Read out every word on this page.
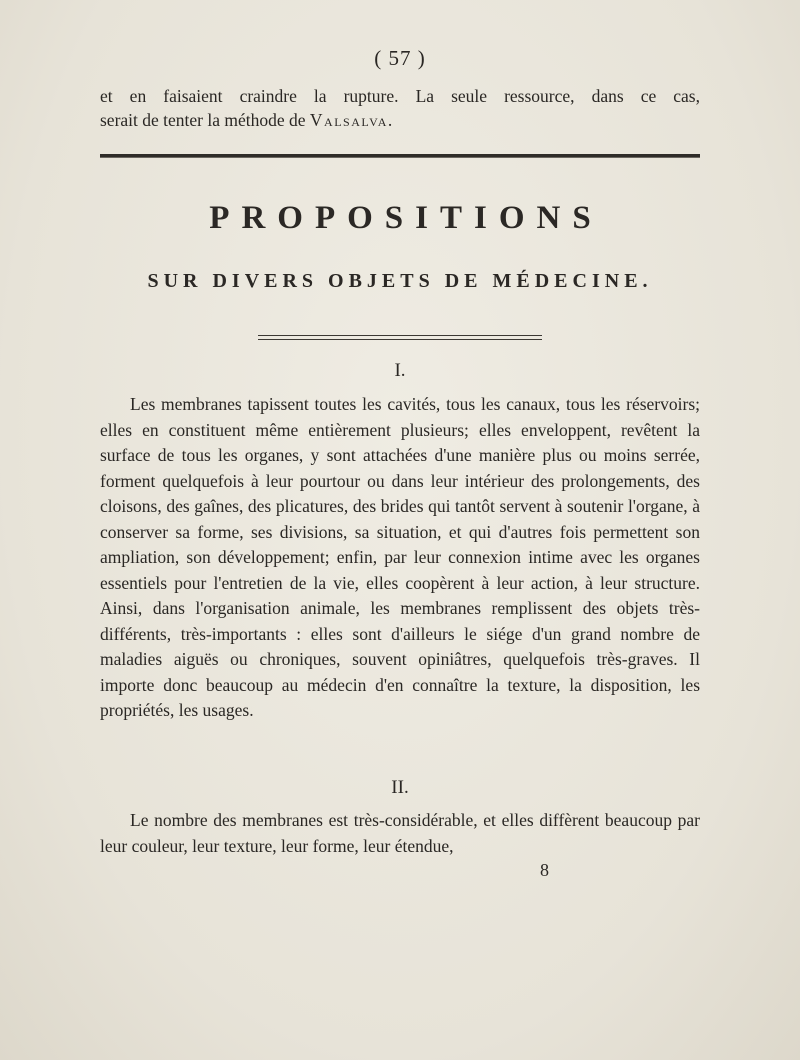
( 57 )

et en faisaient craindre la rupture. La seule ressource, dans ce cas,

serait de tenter la méthode de Valsalva.

PROPOSITIONS
SUR DIVERS OBJETS DE MÉDECINE.
I.

Les membranes tapissent toutes les cavités, tous les canaux, tous les réservoirs; elles en constituent même entièrement plusieurs; elles enveloppent, revêtent la surface de tous les organes, y sont attachées d'une manière plus ou moins serrée, forment quelquefois à leur pourtour ou dans leur intérieur des prolongements, des cloisons, des gaînes, des plicatures, des brides qui tantôt servent à soutenir l'organe, à conserver sa forme, ses divisions, sa situation, et qui d'autres fois permettent son ampliation, son développement; enfin, par leur connexion intime avec les organes essentiels pour l'entretien de la vie, elles coopèrent à leur action, à leur structure. Ainsi, dans l'organisation animale, les membranes remplissent des objets très-différents, très-importants : elles sont d'ailleurs le siége d'un grand nombre de maladies aiguës ou chroniques, souvent opiniâtres, quelquefois très-graves. Il importe donc beaucoup au médecin d'en connaître la texture, la disposition, les propriétés, les usages.

II.

Le nombre des membranes est très-considérable, et elles diffèrent beaucoup par leur couleur, leur texture, leur forme, leur étendue,

8
